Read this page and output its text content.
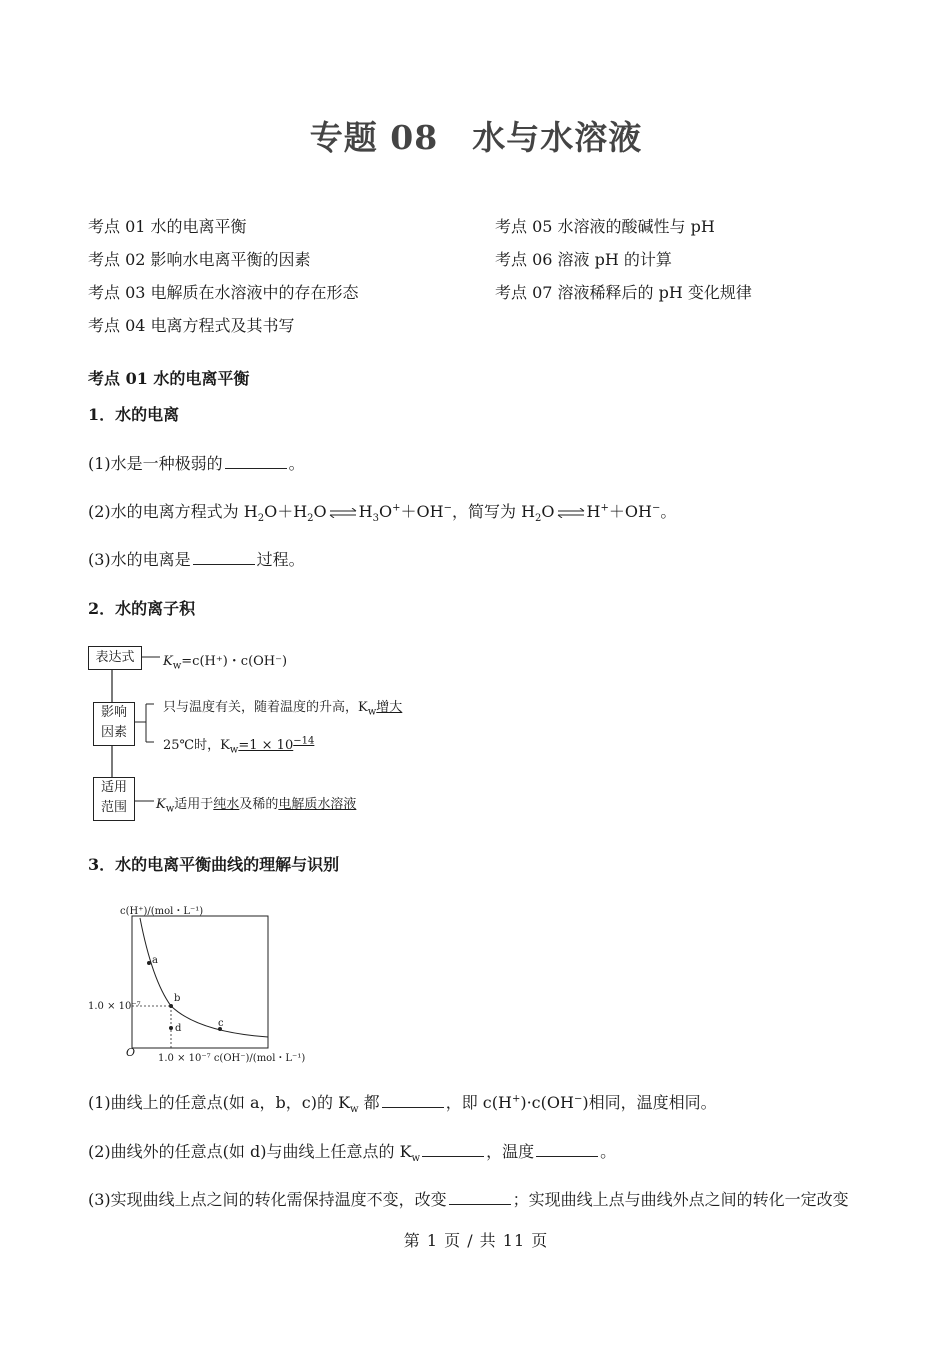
专题 08　水与水溶液
考点 01 水的电离平衡
考点 02 影响水电离平衡的因素
考点 03 电解质在水溶液中的存在形态
考点 04 电离方程式及其书写
考点 05 水溶液的酸碱性与 pH
考点 06 溶液 pH 的计算
考点 07 溶液稀释后的 pH 变化规律
考点 01 水的电离平衡
1．水的电离
(1)水是一种极弱的	。
(2)水的电离方程式为 $H_2O+H_2O\rightleftharpoons H_3O^++OH^-$，简写为 $H_2O\rightleftharpoons H^++OH^-$。
(3)水的电离是	过程。
2．水的离子积
表达式
影响
因素
适用
范围
$K_w=c(H^+)$・c(OH⁻)
只与温度有关，随着温度的升高，$K_w$增大
25℃时，$K_w=1 \times 10^{-14}$
$K_w$适用于纯水及稀的电解质水溶液
3．水的电离平衡曲线的理解与识别
c(H⁺)/(mol・L⁻¹)
a
b
c
d
1.0 × 10⁻⁷
O 1.0 × 10⁻⁷ c(OH⁻)/(mol・L⁻¹)
(1)曲线上的任意点(如 a，b，c)的 $K_w$ 都	，即 c(H+)·c(OH−)相同，温度相同。
(2)曲线外的任意点(如 d)与曲线上任意点的 $K_w$	，温度	。
(3)实现曲线上点之间的转化需保持温度不变，改变	；实现曲线上点与曲线外点之间的转化一定改变
第 1 页 / 共 11 页
